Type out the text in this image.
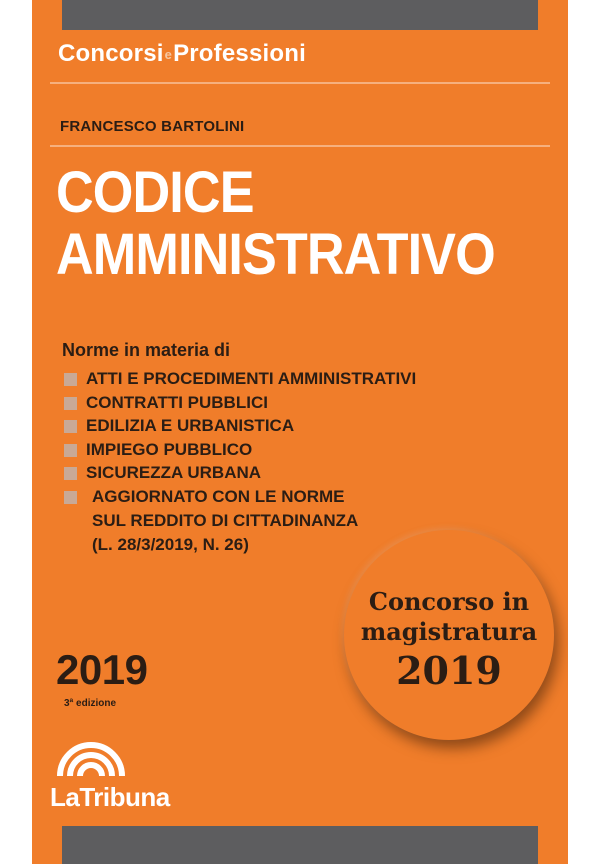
ConcorsieProfessioni
FRANCESCO BARTOLINI
CODICE
AMMINISTRATIVO
Norme in materia di
ATTI E PROCEDIMENTI AMMINISTRATIVI
CONTRATTI PUBBLICI
EDILIZIA E URBANISTICA
IMPIEGO PUBBLICO
SICUREZZA URBANA
AGGIORNATO CON LE NORME
SUL REDDITO DI CITTADINANZA
(L. 28/3/2019, N. 26)
Concorso in
magistratura
2019
2019
3ª edizione
LaTribuna
